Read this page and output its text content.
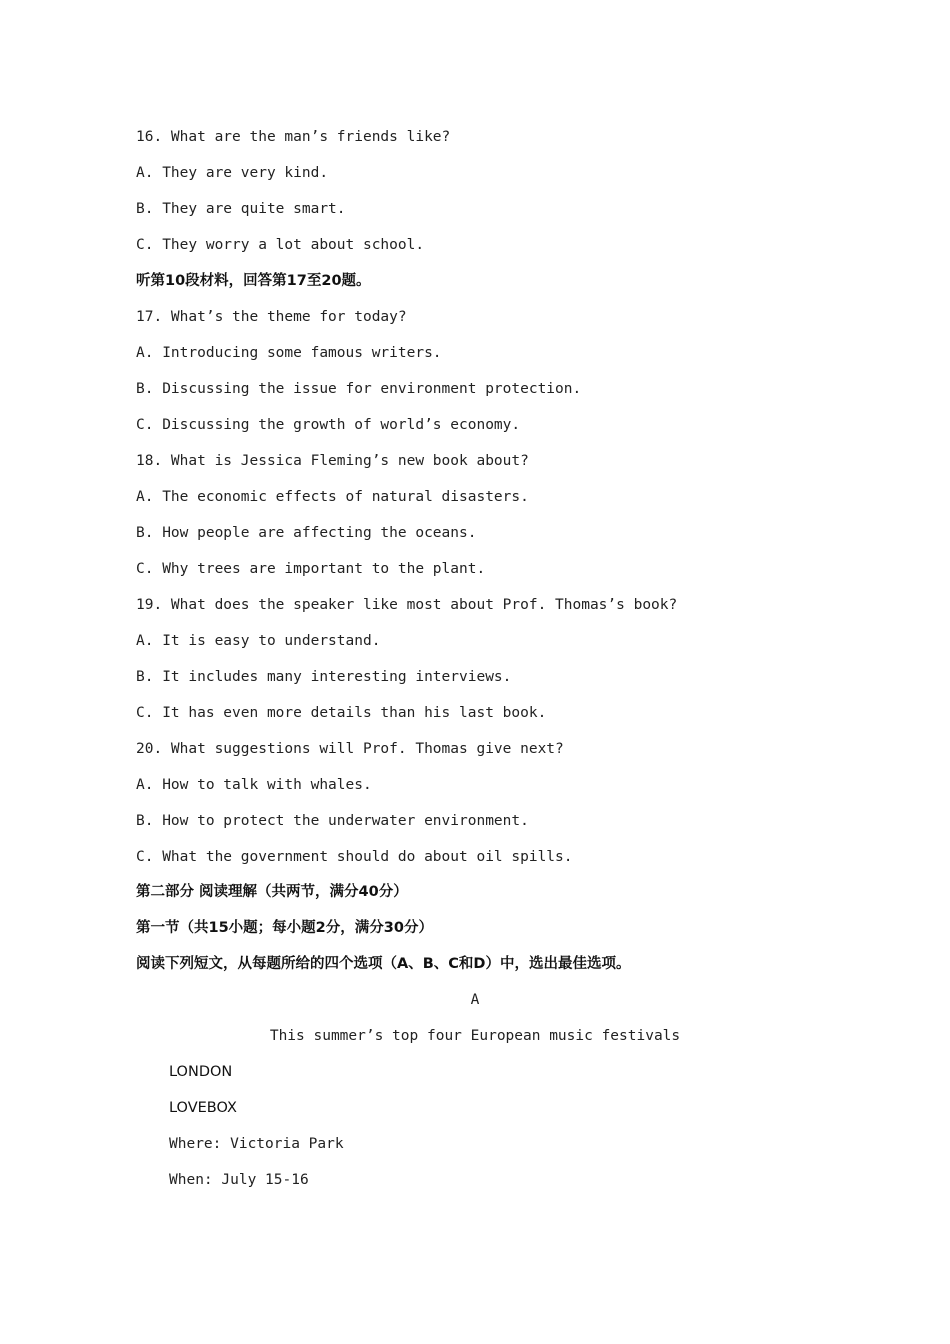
16. What are the man’s friends like?
A. They are very kind.
B. They are quite smart.
C. They worry a lot about school.
听第10段材料，回答第17至20题。
17. What’s the theme for today?
A. Introducing some famous writers.
B. Discussing the issue for environment protection.
C. Discussing the growth of world’s economy.
18. What is Jessica Fleming’s new book about?
A. The economic effects of natural disasters.
B. How people are affecting the oceans.
C. Why trees are important to the plant.
19. What does the speaker like most about Prof. Thomas’s book?
A. It is easy to understand.
B. It includes many interesting interviews.
C. It has even more details than his last book.
20. What suggestions will Prof. Thomas give next?
A. How to talk with whales.
B. How to protect the underwater environment.
C. What the government should do about oil spills.
第二部分 阅读理解（共两节，满分40分）
第一节（共15小题；每小题2分，满分30分）
阅读下列短文，从每题所给的四个选项（A、B、C和D）中，选出最佳选项。
A
This summer’s top four European music festivals
LONDON
LOVEBOX
Where: Victoria Park
When: July 15-16
